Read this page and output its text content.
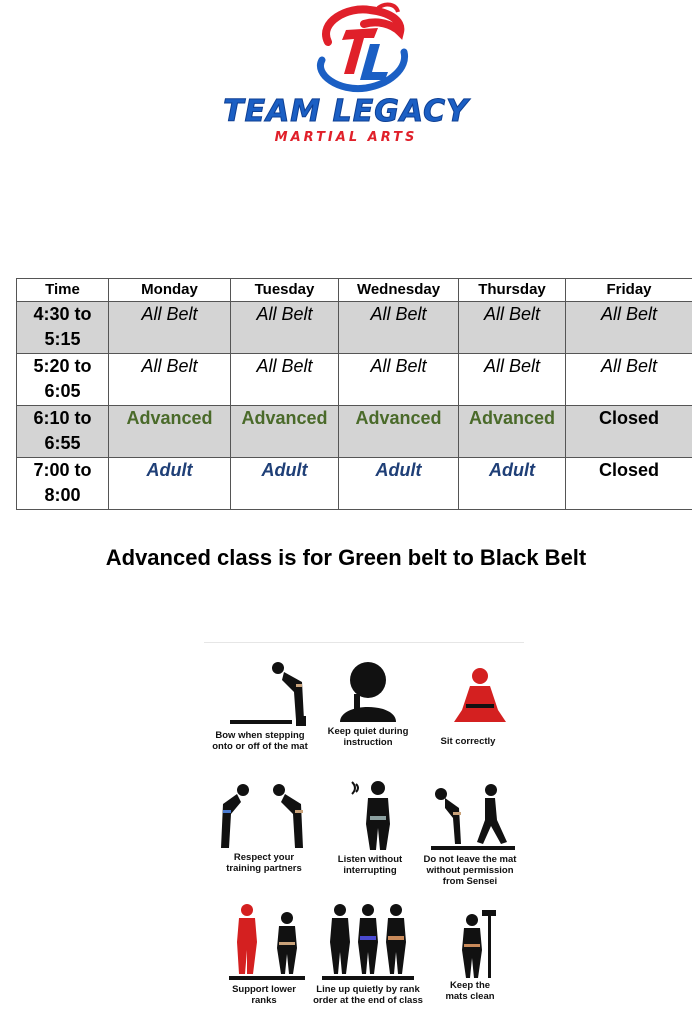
TEAM LEGACY
MARTIAL ARTS
Time	Monday	Tuesday	Wednesday	Thursday	Friday
4:30 to
5:15	All Belt	All Belt	All Belt	All Belt	All Belt
5:20 to
6:05	All Belt	All Belt	All Belt	All Belt	All Belt
6:10 to
6:55	Advanced	Advanced	Advanced	Advanced	Closed
7:00 to
8:00	Adult	Adult	Adult	Adult	Closed
Advanced class is for Green belt to Black Belt
Bow when stepping
onto or off of the mat
Keep quiet during
instruction	Sit correctly
Respect your
training partners
Listen without
interrupting
Do not leave the mat
without permission
from Sensei
Support lower
ranks
Line up quietly by rank
order at the end of class
Keep the
mats clean
